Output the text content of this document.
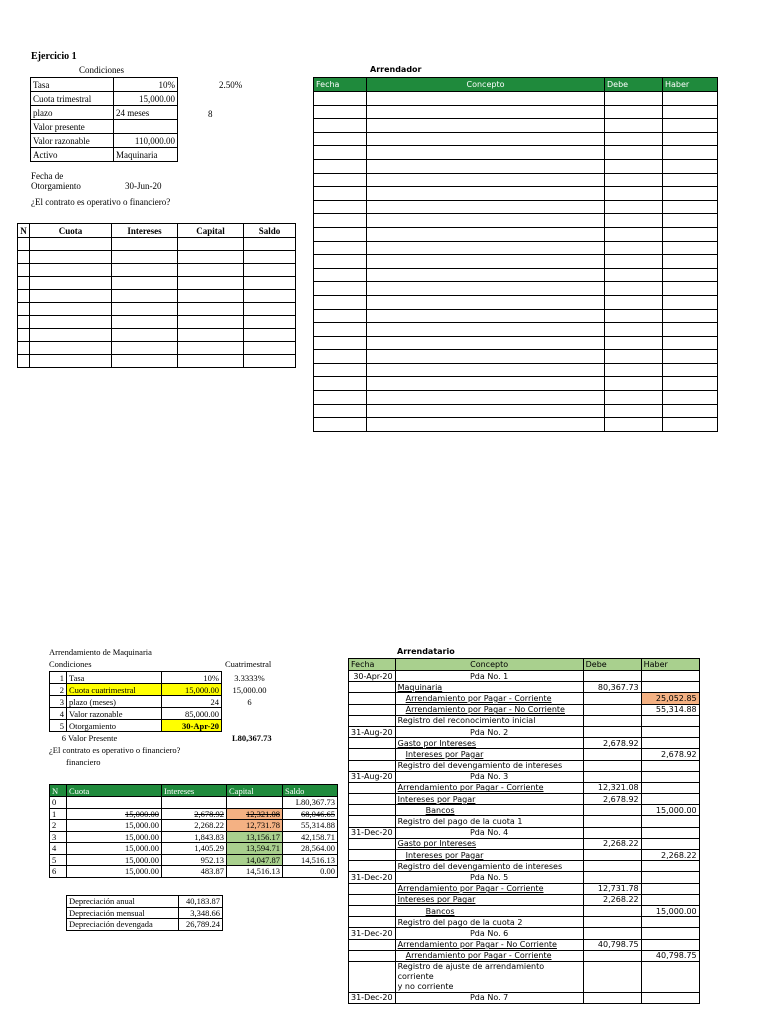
Ejercicio 1
Condiciones
Tasa	10%
Cuota trimestral	15,000.00
plazo	24 meses
Valor presente	
Valor razonable	110,000.00
Activo	Maquinaria
2.50%
8
Fecha de
Otorgamiento	30-Jun-20
¿El contrato es operativo o financiero?
N	Cuota	Intereses	Capital	Saldo

Arrendador
Fecha	Concepto	Debe	Haber

Arrendamiento de Maquinaria
Condiciones	Cuatrimestral
1	Tasa	10%	3.3333%
2	Cuota cuatrimestral	15,000.00	15,000.00
3	plazo (meses)	24	6
4	Valor razonable	85,000.00	
5	Otorgamiento	30-Apr-20	
6 Valor Presente	L80,367.73
¿El contrato es operativo o financiero?
financiero
N	Cuota	Intereses	Capital	Saldo
0				L80,367.73
1	15,000.00	2,678.92	12,321.08	68,046.65
2	15,000.00	2,268.22	12,731.78	55,314.88
3	15,000.00	1,843.83	13,156.17	42,158.71
4	15,000.00	1,405.29	13,594.71	28,564.00
5	15,000.00	952.13	14,047.87	14,516.13
6	15,000.00	483.87	14,516.13	0.00
Depreciación anual	40,183.87
Depreciación mensual	3,348.66
Depreciación devengada	26,789.24
Arrendatario
Fecha	Concepto	Debe	Haber
30-Apr-20	Pda No. 1		
	Maquinaria	80,367.73	
	Arrendamiento por Pagar - Corriente		25,052.85
	Arrendamiento por Pagar - No Corriente		55,314.88
	Registro del reconocimiento inicial		
31-Aug-20	Pda No. 2		
	Gasto por Intereses	2,678.92	
	Intereses por Pagar		2,678.92
	Registro del devengamiento de intereses		
31-Aug-20	Pda No. 3		
	Arrendamiento por Pagar - Corriente	12,321.08	
	Intereses por Pagar	2,678.92	
	Bancos		15,000.00
	Registro del pago de la cuota 1		
31-Dec-20	Pda No. 4		
	Gasto por Intereses	2,268.22	
	Intereses por Pagar		2,268.22
	Registro del devengamiento de intereses		
31-Dec-20	Pda No. 5		
	Arrendamiento por Pagar - Corriente	12,731.78	
	Intereses por Pagar	2,268.22	
	Bancos		15,000.00
	Registro del pago de la cuota 2		
31-Dec-20	Pda No. 6		
	Arrendamiento por Pagar - No Corriente	40,798.75	
	Arrendamiento por Pagar - Corriente		40,798.75

	Registro de ajuste de arrendamiento corriente
y no corriente		

31-Dec-20	Pda No. 7		
